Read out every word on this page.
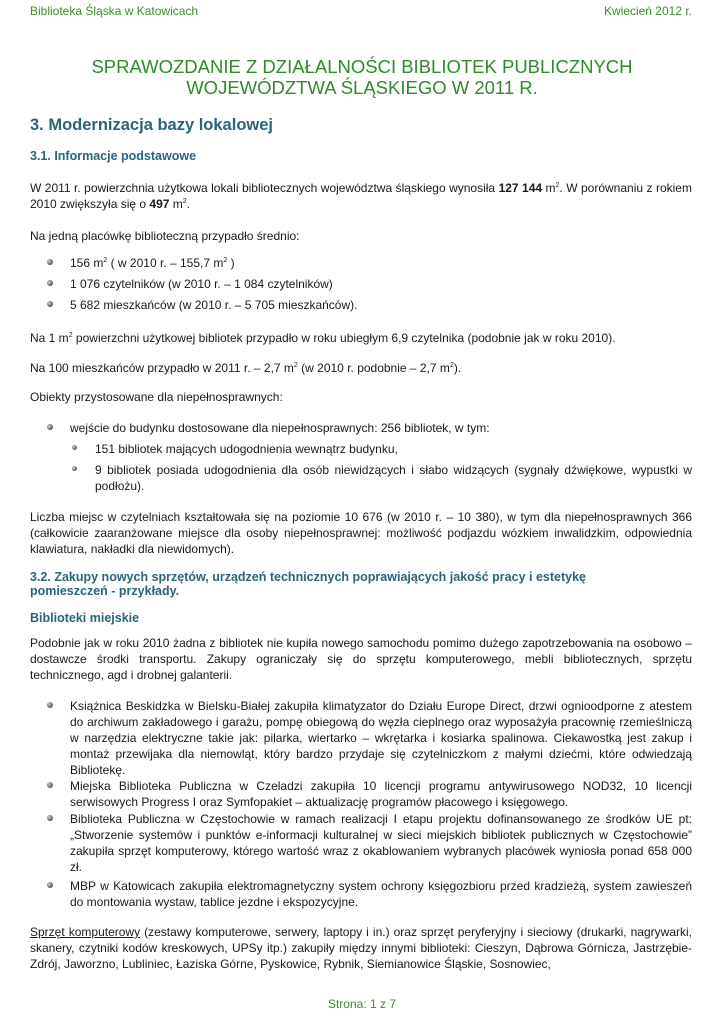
Biblioteka Śląska w Katowicach	Kwiecień 2012 r.
SPRAWOZDANIE Z DZIAŁALNOŚCI BIBLIOTEK PUBLICZNYCH
WOJEWÓDZTWA ŚLĄSKIEGO W 2011 R.
3. Modernizacja bazy lokalowej
3.1. Informacje podstawowe

W 2011 r. powierzchnia użytkowa lokali bibliotecznych województwa śląskiego wynosiła 127 144 $m^2$. W porównaniu z rokiem 2010 zwiększyła się o 497 $m^2$.

Na jedną placówkę biblioteczną przypadło średnio:

156 $m^2$ ( w 2010 r. – 155,7 $m^2$ )

1 076 czytelników (w 2010 r. – 1 084 czytelników)

5 682 mieszkańców (w 2010 r. – 5 705 mieszkańców).

Na 1 $m^2$ powierzchni użytkowej bibliotek przypadło w roku ubiegłym 6,9 czytelnika (podobnie jak w roku 2010).

Na 100 mieszkańców przypadło w 2011 r. – 2,7 $m^2$ (w 2010 r. podobnie – 2,7 $m^2$).

Obiekty przystosowane dla niepełnosprawnych:

wejście do budynku dostosowane dla niepełnosprawnych: 256 bibliotek, w tym:

151 bibliotek mających udogodnienia wewnątrz budynku,

9 bibliotek posiada udogodnienia dla osób niewidzących i słabo widzących (sygnały dźwiękowe, wypustki w podłożu).

Liczba miejsc w czytelniach kształtowała się na poziomie 10 676 (w 2010 r. – 10 380), w tym dla niepełnosprawnych 366 (całkowicie zaaranżowane miejsce dla osoby niepełnosprawnej: możliwość podjazdu wózkiem inwalidzkim, odpowiednia klawiatura, nakładki dla niewidomych).

3.2. Zakupy nowych sprzętów, urządzeń technicznych poprawiających jakość pracy i estetykę pomieszczeń - przykłady.
Biblioteki miejskie

Podobnie jak w roku 2010 żadna z bibliotek nie kupiła nowego samochodu pomimo dużego zapotrzebowania na osobowo – dostawcze środki transportu. Zakupy ograniczały się do sprzętu komputerowego, mebli bibliotecznych, sprzętu technicznego, agd i drobnej galanterii.

Książnica Beskidzka w Bielsku-Białej zakupiła klimatyzator do Działu Europe Direct, drzwi ognioodporne z atestem do archiwum zakładowego i garażu, pompę obiegową do węzła cieplnego oraz wyposażyła pracownię rzemieślniczą w narzędzia elektryczne takie jak: pilarka, wiertarko – wkrętarka i kosiarka spalinowa. Ciekawostką jest zakup i montaż przewijaka dla niemowląt, który bardzo przydaje się czytelniczkom z małymi dziećmi, które odwiedzają Bibliotekę.

Miejska Biblioteka Publiczna w Czeladzi zakupiła 10 licencji programu antywirusowego NOD32, 10 licencji serwisowych Progress I oraz Symfopakiet – aktualizację programów płacowego i księgowego.

Biblioteka Publiczna w Częstochowie w ramach realizacji I etapu projektu dofinansowanego ze środków UE pt: „Stworzenie systemów i punktów e-informacji kulturalnej w sieci miejskich bibliotek publicznych w Częstochowie” zakupiła sprzęt komputerowy, którego wartość wraz z okablowaniem wybranych placówek wyniosła ponad 658 000 zł.

MBP w Katowicach zakupiła elektromagnetyczny system ochrony księgozbioru przed kradzieżą, system zawieszeń do montowania wystaw, tablice jezdne i ekspozycyjne.

Sprzęt komputerowy (zestawy komputerowe, serwery, laptopy i in.) oraz sprzęt peryferyjny i sieciowy (drukarki, nagrywarki, skanery, czytniki kodów kreskowych, UPSy itp.) zakupiły między innymi biblioteki: Cieszyn, Dąbrowa Górnicza, Jastrzębie-Zdrój, Jaworzno, Lubliniec, Łaziska Górne, Pyskowice, Rybnik, Siemianowice Śląskie, Sosnowiec,

Strona: 1 z 7
